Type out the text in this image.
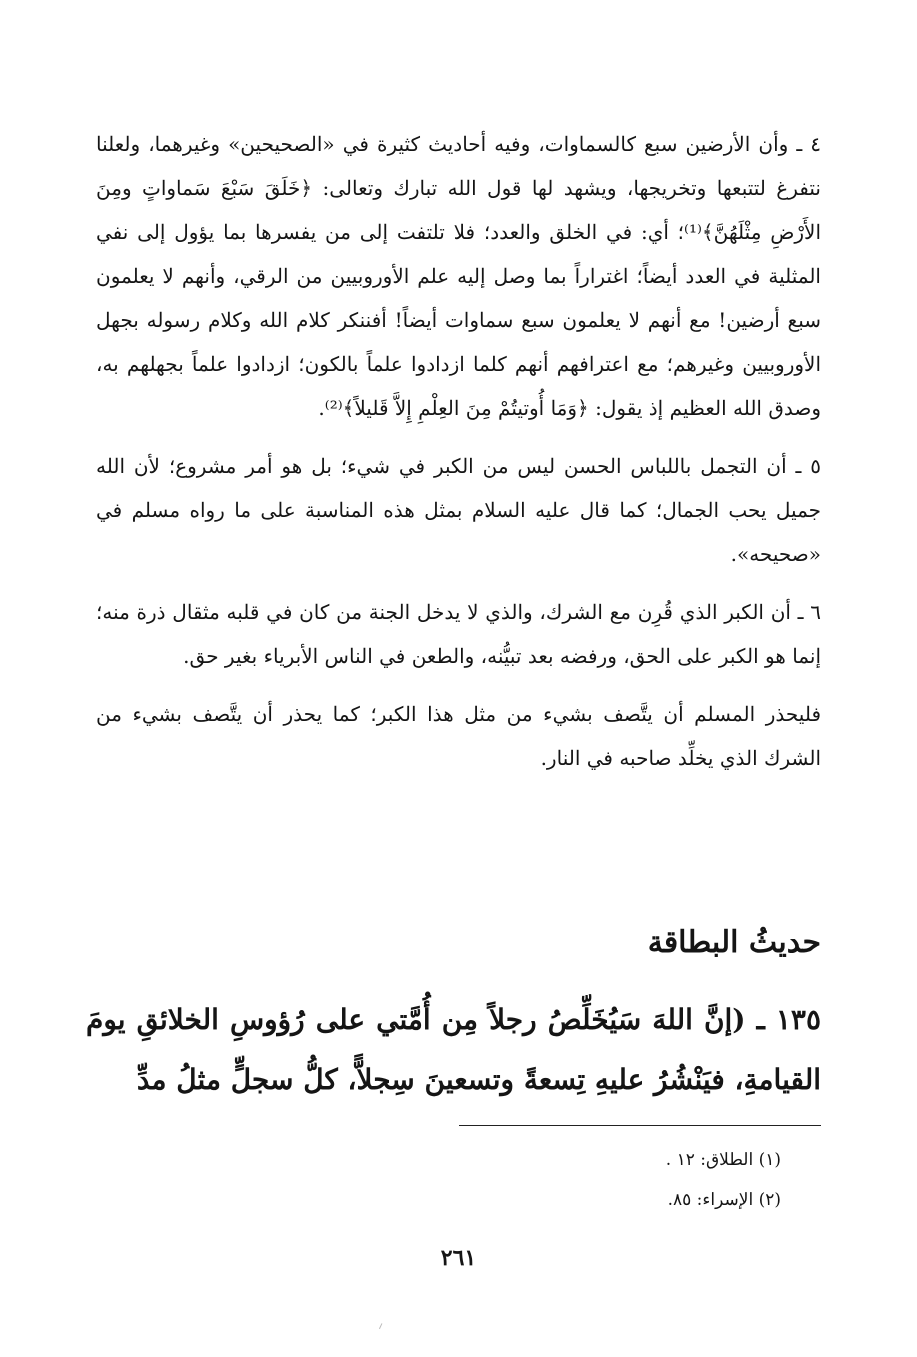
٤ ـ وأن الأرضين سبع كالسماوات، وفيه أحاديث كثيرة في «الصحيحين» وغيرهما، ولعلنا نتفرغ لتتبعها وتخريجها، ويشهد لها قول الله تبارك وتعالى: ﴿خَلَقَ سَبْعَ سَماواتٍ ومِنَ الأَرْضِ مِثْلَهُنَّ﴾⁽¹⁾؛ أي: في الخلق والعدد؛ فلا تلتفت إلى من يفسرها بما يؤول إلى نفي المثلية في العدد أيضاً؛ اغتراراً بما وصل إليه علم الأوروبيين من الرقي، وأنهم لا يعلمون سبع أرضين! مع أنهم لا يعلمون سبع سماوات أيضاً! أفننكر كلام الله وكلام رسوله بجهل الأوروبيين وغيرهم؛ مع اعترافهم أنهم كلما ازدادوا علماً بالكون؛ ازدادوا علماً بجهلهم به، وصدق الله العظيم إذ يقول: ﴿وَمَا أُوتيتُمْ مِنَ العِلْمِ إِلاَّ قَليلاً﴾⁽²⁾.

٥ ـ أن التجمل باللباس الحسن ليس من الكبر في شيء؛ بل هو أمر مشروع؛ لأن الله جميل يحب الجمال؛ كما قال عليه السلام بمثل هذه المناسبة على ما رواه مسلم في «صحيحه».

٦ ـ أن الكبر الذي قُرِن مع الشرك، والذي لا يدخل الجنة من كان في قلبه مثقال ذرة منه؛ إنما هو الكبر على الحق، ورفضه بعد تبيُّنه، والطعن في الناس الأبرياء بغير حق.

فليحذر المسلم أن يتَّصف بشيء من مثل هذا الكبر؛ كما يحذر أن يتَّصف بشيء من الشرك الذي يخلِّد صاحبه في النار.

حديثُ البطاقة
١٣٥ ـ (إنَّ اللهَ سَيُخَلِّصُ رجلاً مِن أُمَّتي على رُؤوسِ الخلائقِ يومَ القيامةِ، فيَنْشُرُ عليهِ تِسعةً وتسعينَ سِجلاًّ، كلُّ سجلٍّ مثلُ مدِّ
(١) الطلاق: ١٢ .
(٢) الإسراء: ٨٥.
٢٦١
